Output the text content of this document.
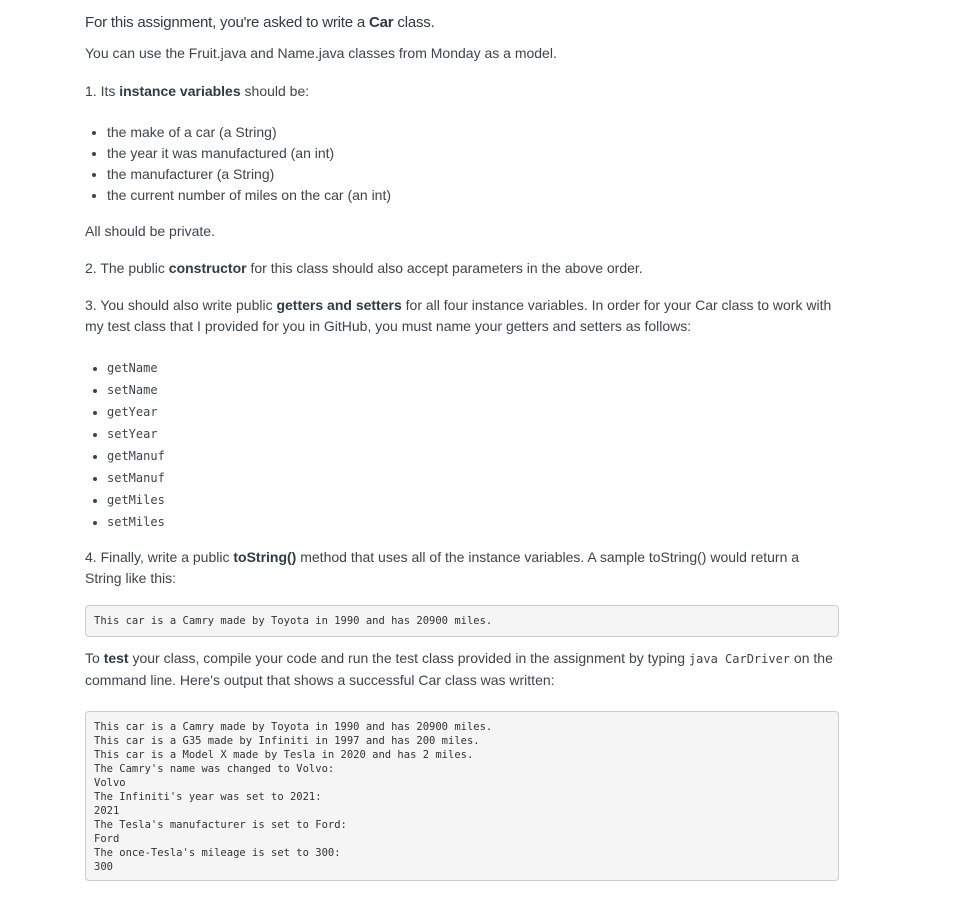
For this assignment, you're asked to write a Car class.

You can use the Fruit.java and Name.java classes from Monday as a model.

1. Its instance variables should be:

• the make of a car (a String)
• the year it was manufactured (an int)
• the manufacturer (a String)
• the current number of miles on the car (an int)

All should be private.

2. The public constructor for this class should also accept parameters in the above order.

3. You should also write public getters and setters for all four instance variables. In order for your Car class to work with my test class that I provided for you in GitHub, you must name your getters and setters as follows:

• getName
• setName
• getYear
• setYear
• getManuf
• setManuf
• getMiles
• setMiles

4. Finally, write a public toString() method that uses all of the instance variables. A sample toString() would return a String like this:

This car is a Camry made by Toyota in 1990 and has 20900 miles.

To test your class, compile your code and run the test class provided in the assignment by typing java CarDriver on the command line. Here's output that shows a successful Car class was written:

This car is a Camry made by Toyota in 1990 and has 20900 miles.
This car is a G35 made by Infiniti in 1997 and has 200 miles.
This car is a Model X made by Tesla in 2020 and has 2 miles.
The Camry's name was changed to Volvo:
Volvo
The Infiniti's year was set to 2021:
2021
The Tesla's manufacturer is set to Ford:
Ford
The once-Tesla's mileage is set to 300:
300
